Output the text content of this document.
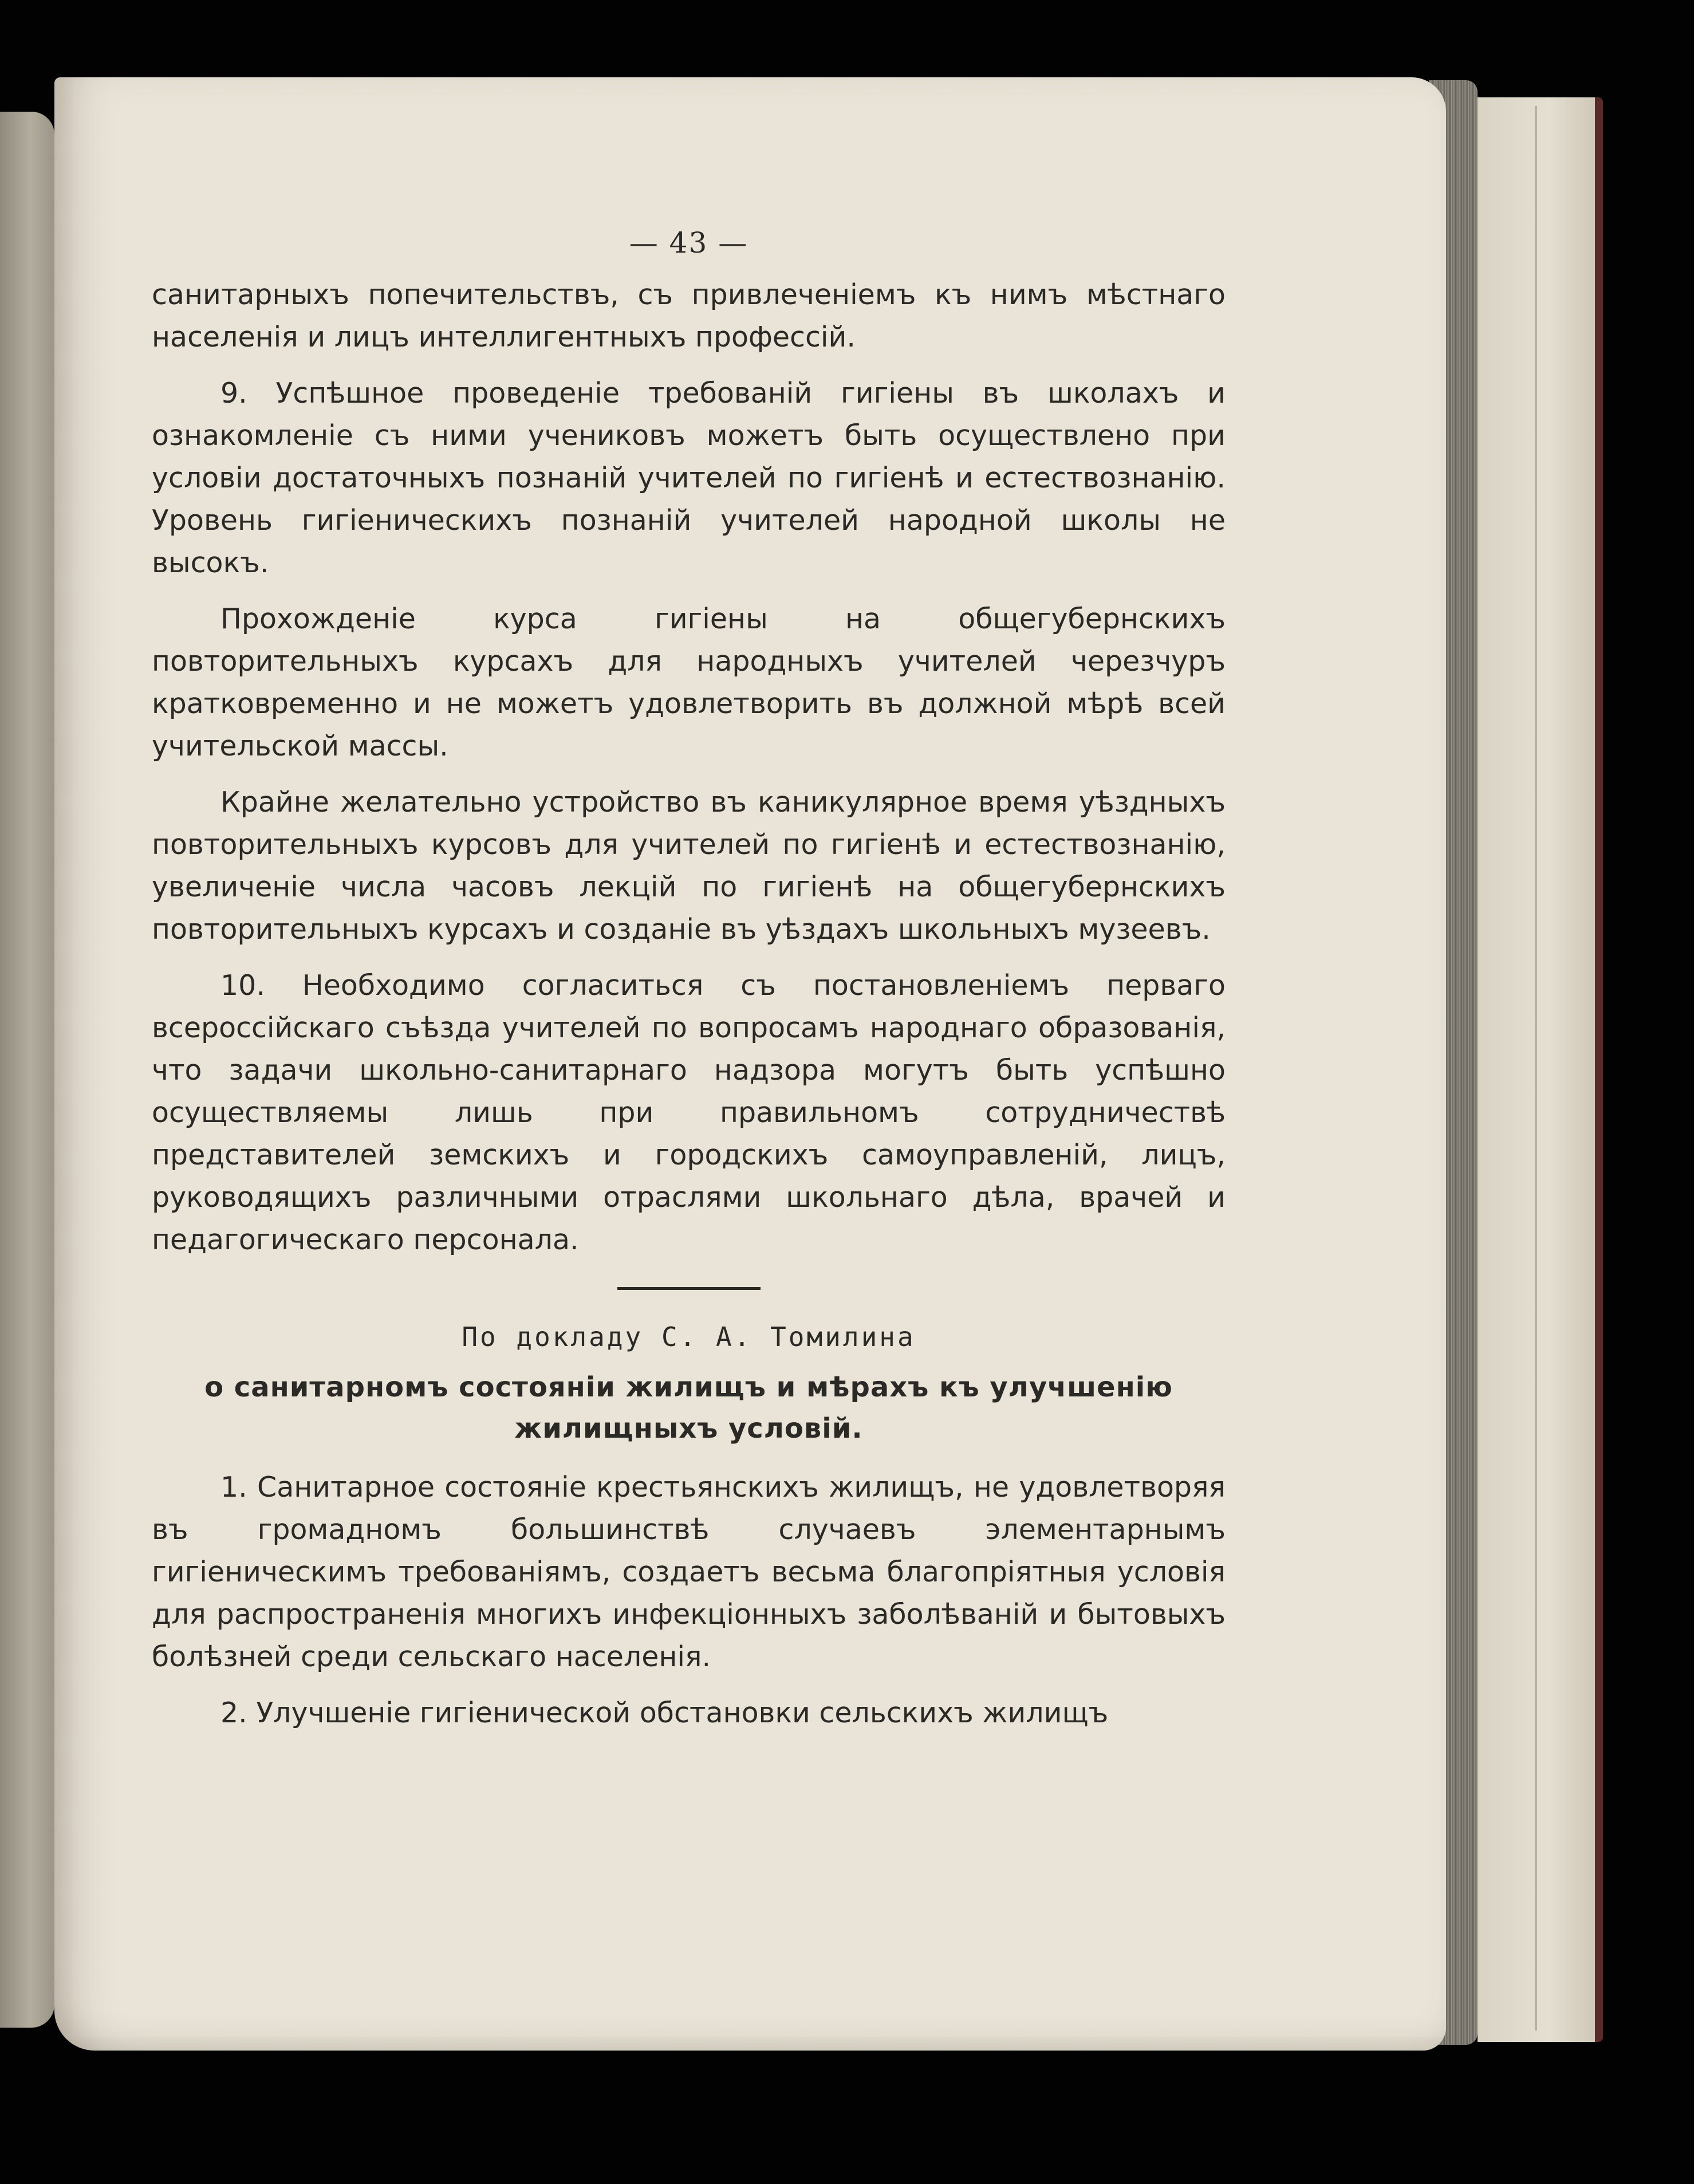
— 43 —

санитарныхъ попечительствъ, съ привлеченіемъ къ нимъ мѣстнаго населенія и лицъ интеллигентныхъ профессій.

9. Успѣшное проведеніе требованій гигіены въ школахъ и ознакомленіе съ ними учениковъ можетъ быть осуществлено при условіи достаточныхъ познаній учителей по гигіенѣ и естествознанію. Уровень гигіеническихъ познаній учителей народной школы не высокъ.

Прохожденіе курса гигіены на общегубернскихъ повторительныхъ курсахъ для народныхъ учителей черезчуръ кратковременно и не можетъ удовлетворить въ должной мѣрѣ всей учительской массы.

Крайне желательно устройство въ каникулярное время уѣздныхъ повторительныхъ курсовъ для учителей по гигіенѣ и естествознанію, увеличеніе числа часовъ лекцій по гигіенѣ на общегубернскихъ повторительныхъ курсахъ и созданіе въ уѣздахъ школьныхъ музеевъ.

10. Необходимо согласиться съ постановленіемъ перваго всероссійскаго съѣзда учителей по вопросамъ народнаго образованія, что задачи школьно-санитарнаго надзора могутъ быть успѣшно осуществляемы лишь при правильномъ сотрудничествѣ представителей земскихъ и городскихъ самоуправленій, лицъ, руководящихъ различными отраслями школьнаго дѣла, врачей и педагогическаго персонала.

По докладу С. А. Томилина
о санитарномъ состояніи жилищъ и мѣрахъ къ улучшенію жилищныхъ условій.

1. Санитарное состояніе крестьянскихъ жилищъ, не удовлетворяя въ громадномъ большинствѣ случаевъ элементарнымъ гигіеническимъ требованіямъ, создаетъ весьма благопріятныя условія для распространенія многихъ инфекціонныхъ заболѣваній и бытовыхъ болѣзней среди сельскаго населенія.

2. Улучшеніе гигіенической обстановки сельскихъ жилищъ
